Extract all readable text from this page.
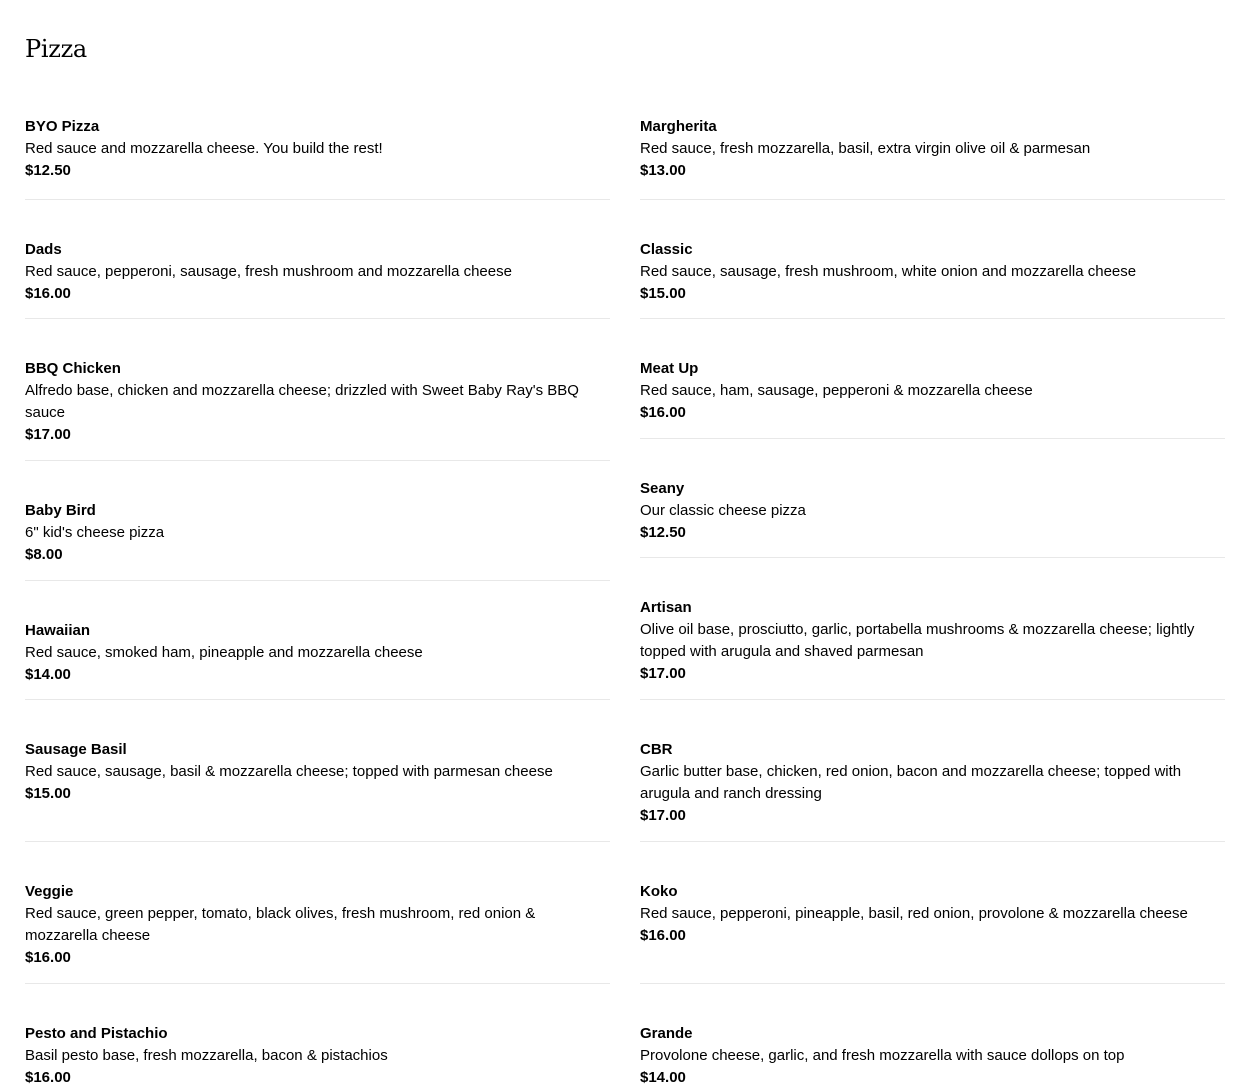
Pizza
BYO Pizza
Red sauce and mozzarella cheese. You build the rest!
$12.50
Dads
Red sauce, pepperoni, sausage, fresh mushroom and mozzarella cheese
$16.00
BBQ Chicken
Alfredo base, chicken and mozzarella cheese; drizzled with Sweet Baby Ray's BBQ sauce
$17.00
Baby Bird
6" kid's cheese pizza
$8.00
Hawaiian
Red sauce, smoked ham, pineapple and mozzarella cheese
$14.00
Sausage Basil
Red sauce, sausage, basil & mozzarella cheese; topped with parmesan cheese
$15.00
Veggie
Red sauce, green pepper, tomato, black olives, fresh mushroom, red onion & mozzarella cheese
$16.00
Pesto and Pistachio
Basil pesto base, fresh mozzarella, bacon & pistachios
$16.00
Margherita
Red sauce, fresh mozzarella, basil, extra virgin olive oil & parmesan
$13.00
Classic
Red sauce, sausage, fresh mushroom, white onion and mozzarella cheese
$15.00
Meat Up
Red sauce, ham, sausage, pepperoni & mozzarella cheese
$16.00
Seany
Our classic cheese pizza
$12.50
Artisan
Olive oil base, prosciutto, garlic, portabella mushrooms & mozzarella cheese; lightly topped with arugula and shaved parmesan
$17.00
CBR
Garlic butter base, chicken, red onion, bacon and mozzarella cheese; topped with arugula and ranch dressing
$17.00
Koko
Red sauce, pepperoni, pineapple, basil, red onion, provolone & mozzarella cheese
$16.00
Grande
Provolone cheese, garlic, and fresh mozzarella with sauce dollops on top
$14.00
